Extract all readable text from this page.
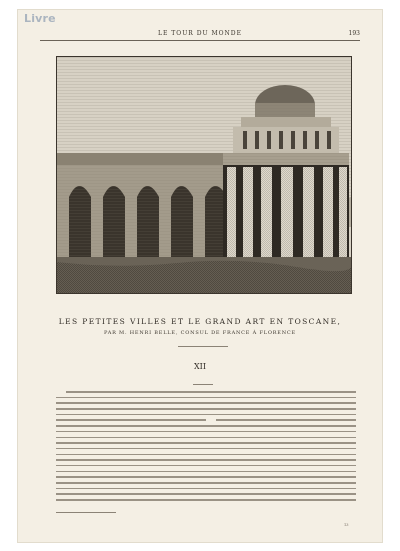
Livre
LE TOUR DU MONDE	193
LES PETITES VILLES ET LE GRAND ART EN TOSCANE,
PAR M. HENRI BELLE, CONSUL DE FRANCE À FLORENCE
XII
13
